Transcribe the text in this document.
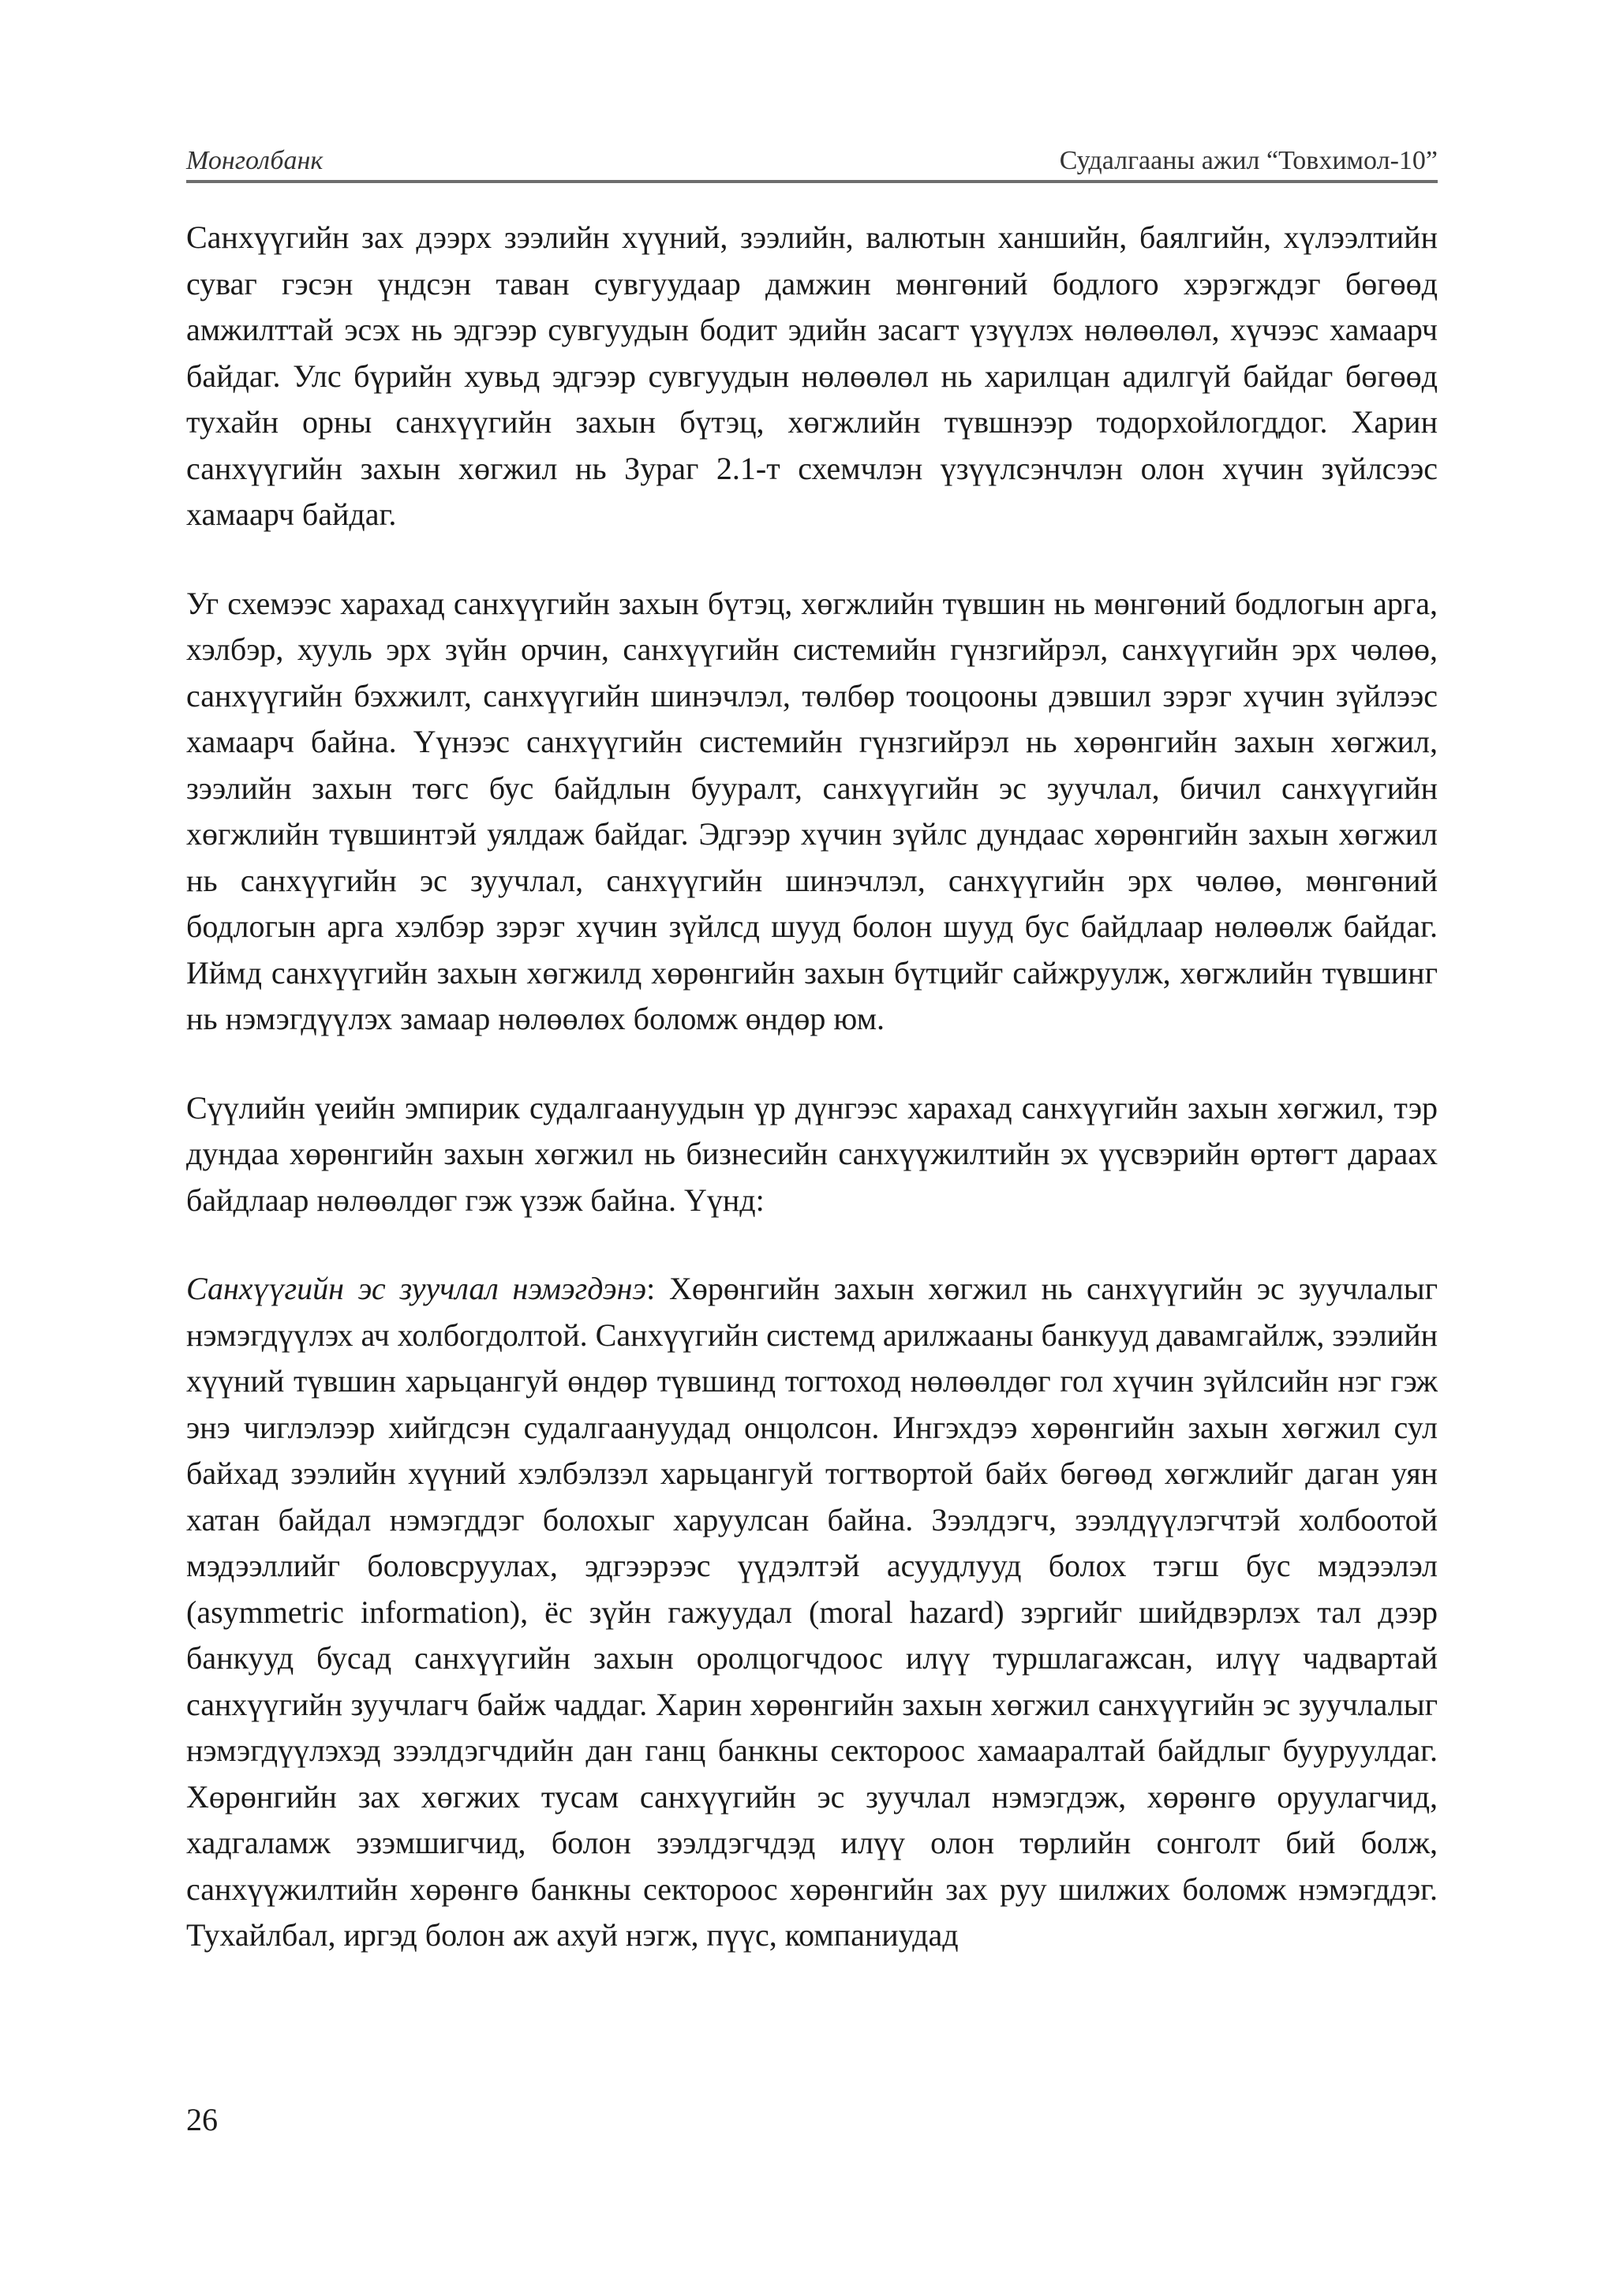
Монголбанк	Судалгааны ажил “Товхимол-10”

Санхүүгийн зах дээрх зээлийн хүүний, зээлийн, валютын ханшийн, баялгийн, хүлээлтийн суваг гэсэн үндсэн таван сувгуудаар дамжин мөнгөний бодлого хэрэгждэг бөгөөд амжилттай эсэх нь эдгээр сувгуудын бодит эдийн засагт үзүүлэх нөлөөлөл, хүчээс хамаарч байдаг. Улс бүрийн хувьд эдгээр сувгуудын нөлөөлөл нь харилцан адилгүй байдаг бөгөөд тухайн орны санхүүгийн захын бүтэц, хөгжлийн түвшнээр тодорхойлогддог. Харин санхүүгийн захын хөгжил нь Зураг 2.1-т схемчлэн үзүүлсэнчлэн олон хүчин зүйлсээс хамаарч байдаг.

Уг схемээс харахад санхүүгийн захын бүтэц, хөгжлийн түвшин нь мөнгөний бодлогын арга, хэлбэр, хууль эрх зүйн орчин, санхүүгийн системийн гүнзгийрэл, санхүүгийн эрх чөлөө, санхүүгийн бэхжилт, санхүүгийн шинэчлэл, төлбөр тооцооны дэвшил зэрэг хүчин зүйлээс хамаарч байна. Үүнээс санхүүгийн системийн гүнзгийрэл нь хөрөнгийн захын хөгжил, зээлийн захын төгс бус байдлын бууралт, санхүүгийн эс зуучлал, бичил санхүүгийн хөгжлийн түвшинтэй уялдаж байдаг. Эдгээр хүчин зүйлс дундаас хөрөнгийн захын хөгжил нь санхүүгийн эс зуучлал, санхүүгийн шинэчлэл, санхүүгийн эрх чөлөө, мөнгөний бодлогын арга хэлбэр зэрэг хүчин зүйлсд шууд болон шууд бус байдлаар нөлөөлж байдаг. Иймд санхүүгийн захын хөгжилд хөрөнгийн захын бүтцийг сайжруулж, хөгжлийн түвшинг нь нэмэгдүүлэх замаар нөлөөлөх боломж өндөр юм.

Сүүлийн үеийн эмпирик судалгаануудын үр дүнгээс харахад санхүүгийн захын хөгжил, тэр дундаа хөрөнгийн захын хөгжил нь бизнесийн санхүүжилтийн эх үүсвэрийн өртөгт дараах байдлаар нөлөөлдөг гэж үзэж байна. Үүнд:

Санхүүгийн эс зуучлал нэмэгдэнэ: Хөрөнгийн захын хөгжил нь санхүүгийн эс зуучлалыг нэмэгдүүлэх ач холбогдолтой. Санхүүгийн системд арилжааны банкууд давамгайлж, зээлийн хүүний түвшин харьцангуй өндөр түвшинд тогтоход нөлөөлдөг гол хүчин зүйлсийн нэг гэж энэ чиглэлээр хийгдсэн судалгаануудад онцолсон. Ингэхдээ хөрөнгийн захын хөгжил сул байхад зээлийн хүүний хэлбэлзэл харьцангуй тогтвортой байх бөгөөд хөгжлийг даган уян хатан байдал нэмэгддэг болохыг харуулсан байна. Зээлдэгч, зээлдүүлэгчтэй холбоотой мэдээллийг боловсруулах, эдгээрээс үүдэлтэй асуудлууд болох тэгш бус мэдээлэл (asymmetric information), ёс зүйн гажуудал (moral hazard) зэргийг шийдвэрлэх тал дээр банкууд бусад санхүүгийн захын оролцогчдоос илүү туршлагажсан, илүү чадвартай санхүүгийн зуучлагч байж чаддаг. Харин хөрөнгийн захын хөгжил санхүүгийн эс зуучлалыг нэмэгдүүлэхэд зээлдэгчдийн дан ганц банкны сектороос хамааралтай байдлыг бууруулдаг. Хөрөнгийн зах хөгжих тусам санхүүгийн эс зуучлал нэмэгдэж, хөрөнгө оруулагчид, хадгаламж эзэмшигчид, болон зээлдэгчдэд илүү олон төрлийн сонголт бий болж, санхүүжилтийн хөрөнгө банкны сектороос хөрөнгийн зах руу шилжих боломж нэмэгддэг. Тухайлбал, иргэд болон аж ахуй нэгж, пүүс, компаниудад

26
